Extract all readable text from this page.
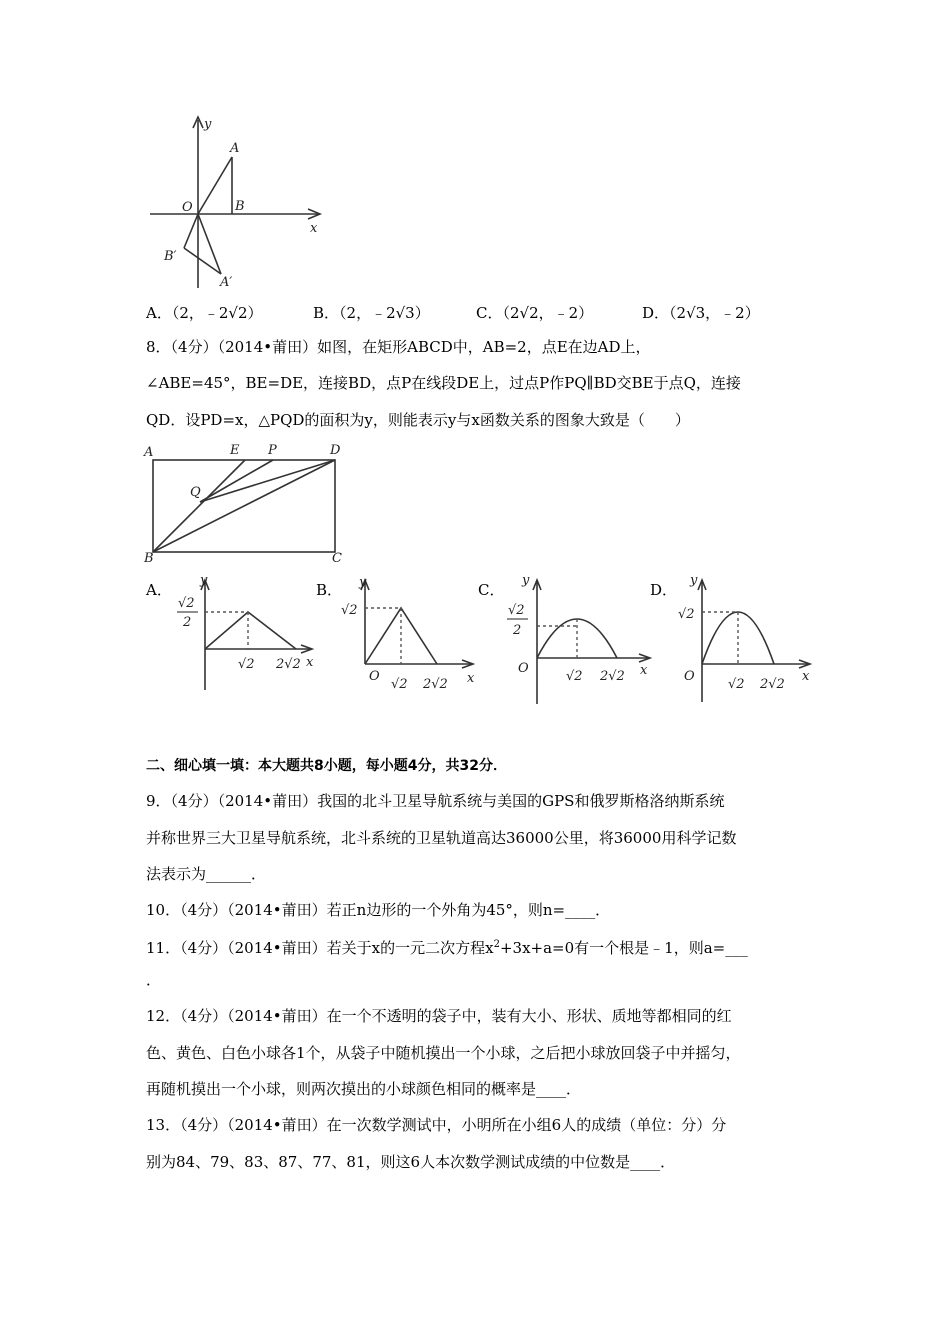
y
A
O	B
x
B′
A′
A．（2，﹣2√2）	B．（2，﹣2√3）	C．（2√2，﹣2）	D．（2√3，﹣2）
8．（4分）（2014•莆田）如图，在矩形ABCD中，AB=2，点E在边AD上，
∠ABE=45°，BE=DE，连接BD，点P在线段DE上，过点P作PQ∥BD交BE于点Q，连接
QD．设PD=x，△PQD的面积为y，则能表示y与x函数关系的图象大致是（　　）
A	E P	D
Q
B	C
A．	B．	C．	D．
y
x
√2
2
√2 2√2
y
x
O
√2
√2 2√2
y
x
O
√2
2
√2 2√2
y
x
O
√2
√2 2√2
二、细心填一填：本大题共8小题，每小题4分，共32分．
9．（4分）（2014•莆田）我国的北斗卫星导航系统与美国的GPS和俄罗斯格洛纳斯系统
并称世界三大卫星导航系统，北斗系统的卫星轨道高达36000公里，将36000用科学记数
法表示为______．
10．（4分）（2014•莆田）若正n边形的一个外角为45°，则n=____．
11．（4分）（2014•莆田）若关于x的一元二次方程$x^2+3x+a=0$有一个根是﹣1，则a=___
．
12．（4分）（2014•莆田）在一个不透明的袋子中，装有大小、形状、质地等都相同的红
色、黄色、白色小球各1个，从袋子中随机摸出一个小球，之后把小球放回袋子中并摇匀，
再随机摸出一个小球，则两次摸出的小球颜色相同的概率是____．
13．（4分）（2014•莆田）在一次数学测试中，小明所在小组6人的成绩（单位：分）分
别为84、79、83、87、77、81，则这6人本次数学测试成绩的中位数是____．
